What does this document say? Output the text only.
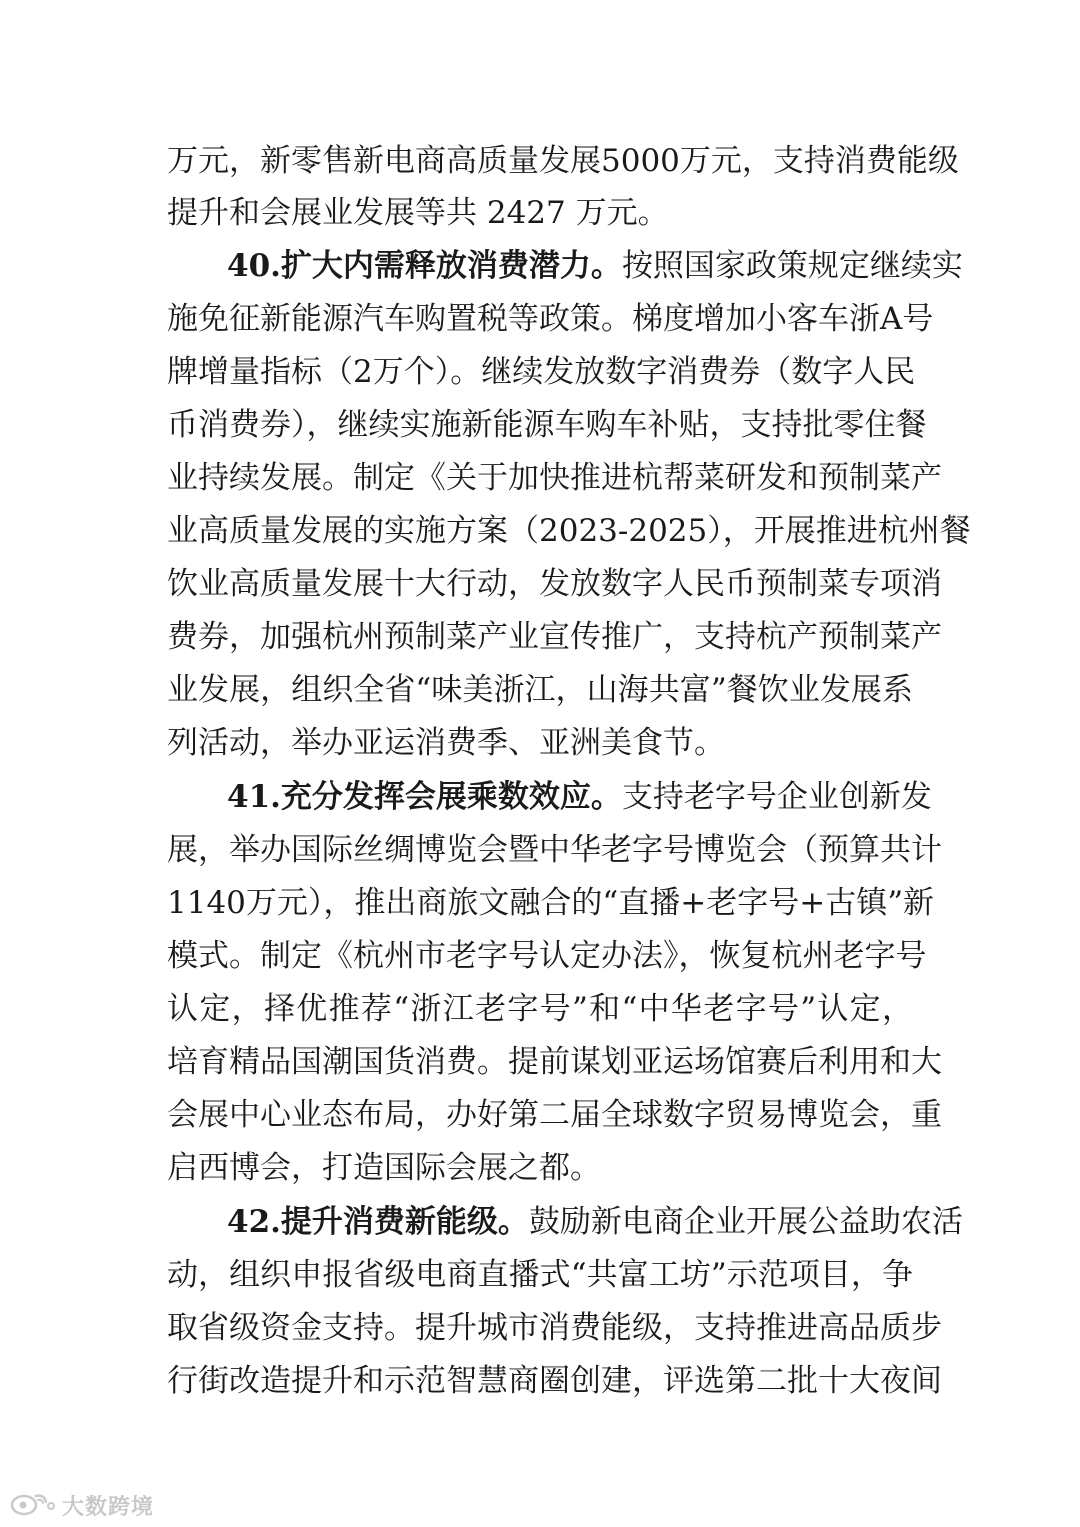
万元，新零售新电商高质量发展5000万元，支持消费能级
提升和会展业发展等共 2427 万元。
40.扩大内需释放消费潜力。按照国家政策规定继续实
施免征新能源汽车购置税等政策。梯度增加小客车浙A号
牌增量指标（2万个）。继续发放数字消费券（数字人民
币消费券），继续实施新能源车购车补贴，支持批零住餐
业持续发展。制定《关于加快推进杭帮菜研发和预制菜产
业高质量发展的实施方案（2023-2025），开展推进杭州餐
饮业高质量发展十大行动，发放数字人民币预制菜专项消
费券，加强杭州预制菜产业宣传推广，支持杭产预制菜产
业发展，组织全省“味美浙江，山海共富”餐饮业发展系
列活动，举办亚运消费季、亚洲美食节。
41.充分发挥会展乘数效应。支持老字号企业创新发
展，举办国际丝绸博览会暨中华老字号博览会（预算共计
1140万元），推出商旅文融合的“直播+老字号+古镇”新
模式。制定《杭州市老字号认定办法》，恢复杭州老字号
认定，择优推荐“浙江老字号”和“中华老字号”认定，
培育精品国潮国货消费。提前谋划亚运场馆赛后利用和大
会展中心业态布局，办好第二届全球数字贸易博览会，重
启西博会，打造国际会展之都。
42.提升消费新能级。鼓励新电商企业开展公益助农活
动，组织申报省级电商直播式“共富工坊”示范项目，争
取省级资金支持。提升城市消费能级，支持推进高品质步
行街改造提升和示范智慧商圈创建，评选第二批十大夜间
大数跨境
